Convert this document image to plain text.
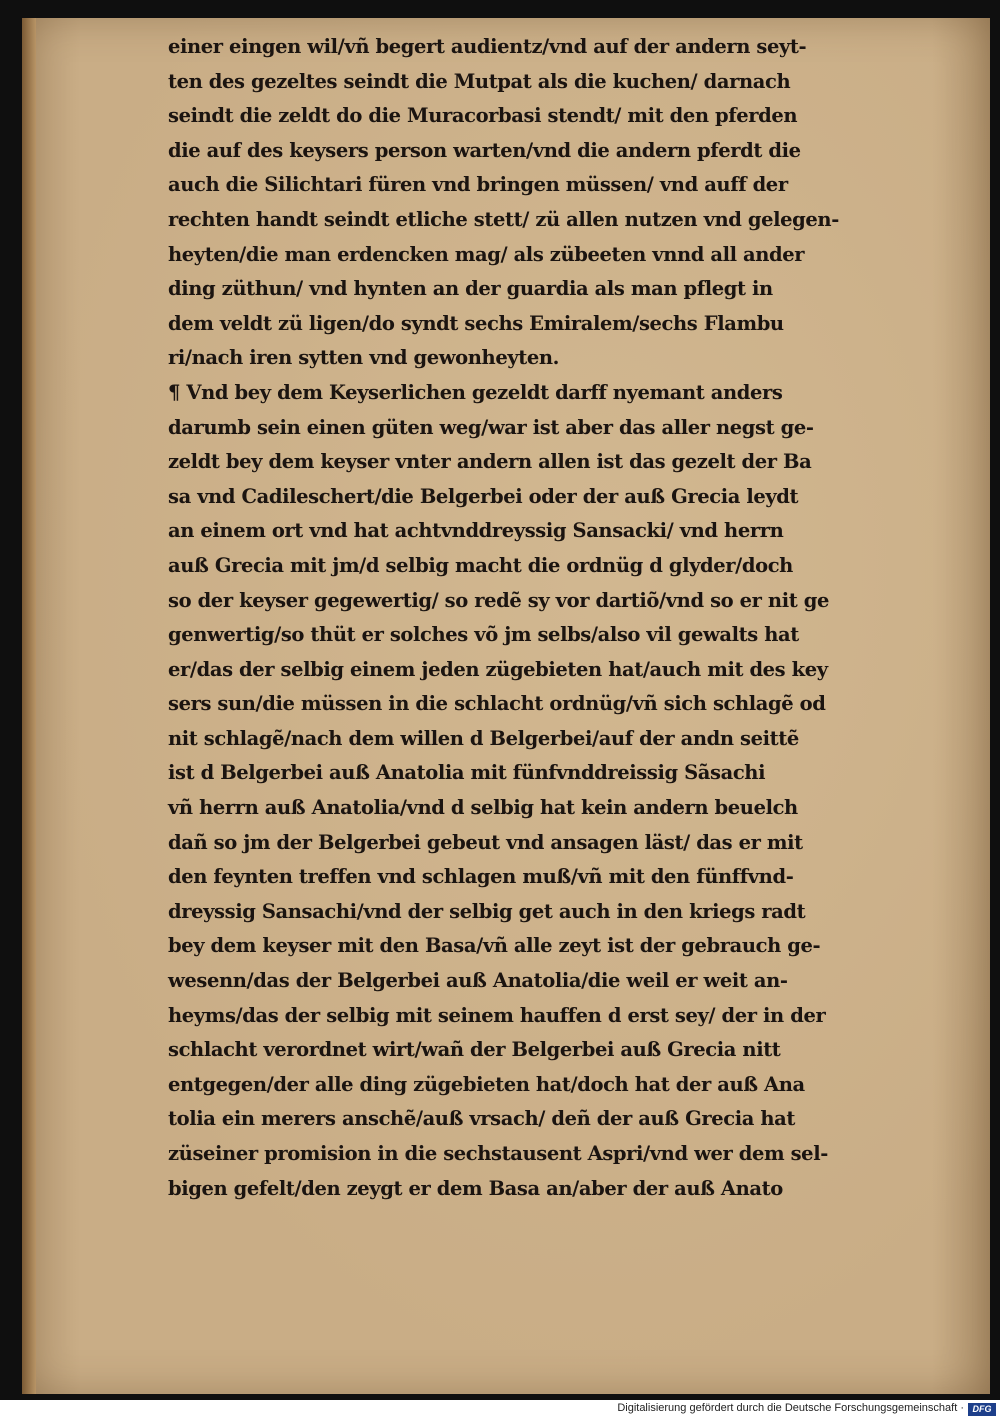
einer eingen wil/vñ begert audientz/vnd auf der andern seyt-
ten des gezeltes seindt die Mutpat als die kuchen/ darnach
seindt die zeldt do die Muracorbasi stendt/ mit den pferden
die auf des keysers person warten/vnd die andern pferdt die
auch die Silichtari füren vnd bringen müssen/ vnd auff der
rechten handt seindt etliche stett/ zü allen nutzen vnd gelegen-
heyten/die man erdencken mag/ als zübeeten vnnd all ander
ding züthun/ vnd hynten an der guardia als man pflegt in
dem veldt zü ligen/do syndt sechs Emiralem/sechs Flambu
ri/nach iren sytten vnd gewonheyten.
¶ Vnd bey dem Keyserlichen gezeldt darff nyemant anders
darumb sein einen güten weg/war ist aber das aller negst ge-
zeldt bey dem keyser vnter andern allen ist das gezelt der Ba
sa vnd Cadileschert/die Belgerbei oder der auß Grecia leydt
an einem ort vnd hat achtvnddreyssig Sansacki/ vnd herrn
auß Grecia mit jm/d selbig macht die ordnüg d glyder/doch
so der keyser gegewertig/ so redẽ sy vor dartiõ/vnd so er nit ge
genwertig/so thüt er solches võ jm selbs/also vil gewalts hat
er/das der selbig einem jeden zügebieten hat/auch mit des key
sers sun/die müssen in die schlacht ordnüg/vñ sich schlagẽ od
nit schlagẽ/nach dem willen d Belgerbei/auf der andn seittẽ
ist d Belgerbei auß Anatolia mit fünfvnddreissig Sãsachi
vñ herrn auß Anatolia/vnd d selbig hat kein andern beuelch
dañ so jm der Belgerbei gebeut vnd ansagen läst/ das er mit
den feynten treffen vnd schlagen muß/vñ mit den fünffvnd-
dreyssig Sansachi/vnd der selbig get auch in den kriegs radt
bey dem keyser mit den Basa/vñ alle zeyt ist der gebrauch ge-
wesenn/das der Belgerbei auß Anatolia/die weil er weit an-
heyms/das der selbig mit seinem hauffen d erst sey/ der in der
schlacht verordnet wirt/wañ der Belgerbei auß Grecia nitt
entgegen/der alle ding zügebieten hat/doch hat der auß Ana
tolia ein merers anschẽ/auß vrsach/ deñ der auß Grecia hat
züseiner promision in die sechstausent Aspri/vnd wer dem sel-
bigen gefelt/den zeygt er dem Basa an/aber der auß Anato
Digitalisierung gefördert durch die Deutsche Forschungsgemeinschaft · DFG
